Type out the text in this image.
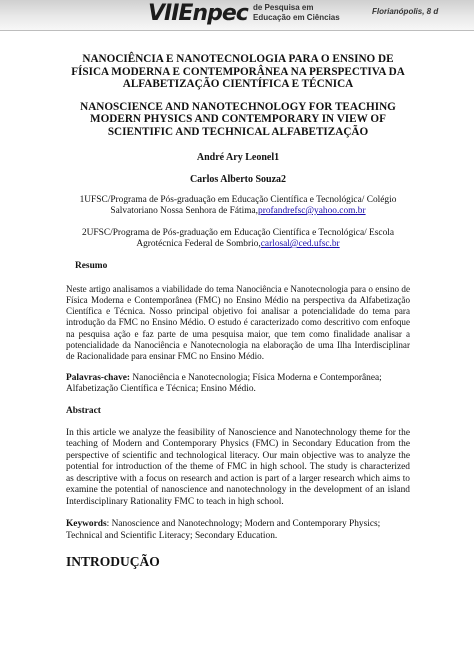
VIIEnpec de Pesquisa em
Educação em Ciências
Florianópolis, 8 d
NANOCIÊNCIA E NANOTECNOLOGIA PARA O ENSINO DE FÍSICA MODERNA E CONTEMPORÂNEA NA PERSPECTIVA DA ALFABETIZAÇÃO CIENTÍFICA E TÉCNICA
NANOSCIENCE AND NANOTECHNOLOGY FOR TEACHING MODERN PHYSICS AND CONTEMPORARY IN VIEW OF SCIENTIFIC AND TECHNICAL ALFABETIZAÇÃO
André Ary Leonel1
Carlos Alberto Souza2
1UFSC/Programa de Pós-graduação em Educação Científica e Tecnológica/ Colégio Salvatoriano Nossa Senhora de Fátima,profandrefsc@yahoo.com.br
2UFSC/Programa de Pós-graduação em Educação Científica e Tecnológica/ Escola Agrotécnica Federal de Sombrio,carlosal@ced.ufsc.br
Resumo
Neste artigo analisamos a viabilidade do tema Nanociência e Nanotecnologia para o ensino de Física Moderna e Contemporânea (FMC) no Ensino Médio na perspectiva da Alfabetização Científica e Técnica. Nosso principal objetivo foi analisar a potencialidade do tema para introdução da FMC no Ensino Médio. O estudo é caracterizado como descritivo com enfoque na pesquisa ação e faz parte de uma pesquisa maior, que tem como finalidade analisar a potencialidade da Nanociência e Nanotecnologia na elaboração de uma Ilha Interdisciplinar de Racionalidade para ensinar FMC no Ensino Médio.
Palavras-chave: Nanociência e Nanotecnologia; Física Moderna e Contemporânea; Alfabetização Científica e Técnica; Ensino Médio.
Abstract
In this article we analyze the feasibility of Nanoscience and Nanotechnology theme for the teaching of Modern and Contemporary Physics (FMC) in Secondary Education from the perspective of scientific and technological literacy. Our main objective was to analyze the potential for introduction of the theme of FMC in high school. The study is characterized as descriptive with a focus on research and action is part of a larger research which aims to examine the potential of nanoscience and nanotechnology in the development of an island Interdisciplinary Rationality FMC to teach in high school.
Keywords: Nanoscience and Nanotechnology; Modern and Contemporary Physics; Technical and Scientific Literacy; Secondary Education.
INTRODUÇÃO
